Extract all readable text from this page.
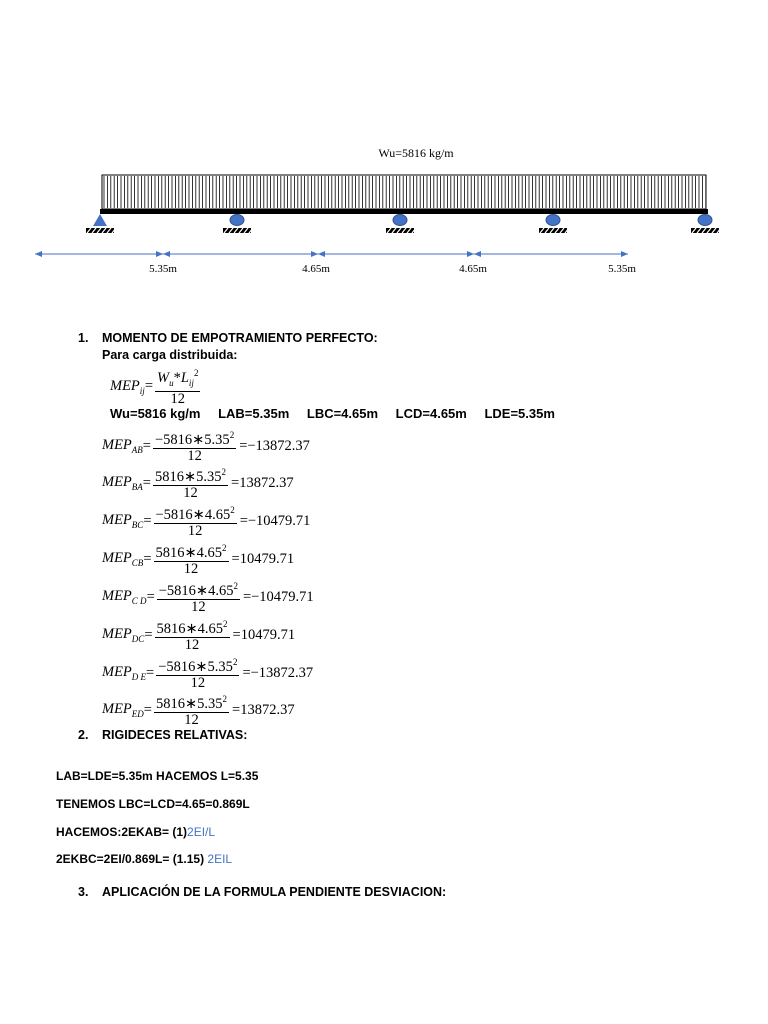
Wu=5816 kg/m
5.35m	4.65m	4.65m	5.35m
1. MOMENTO DE EMPOTRAMIENTO PERFECTO:
Para carga distribuida:
$MEP_{ij} = \frac{W_u*L_{ij}^2}{12}$
Wu=5816 kg/m LAB=5.35m LBC=4.65m LCD=4.65m LDE=5.35m
$MEP_{AB} = \frac{-5816∗5.35^2}{12} =-13872.37$
$MEP_{BA} = \frac{5816∗5.35^2}{12} =13872.37$
$MEP_{BC} = \frac{-5816∗4.65^2}{12} =-10479.71$
$MEP_{CB} = \frac{5816∗4.65^2}{12} =10479.71$
$MEP_{C D} = \frac{-5816∗4.65^2}{12} =-10479.71$
$MEP_{DC} = \frac{5816∗4.65^2}{12} =10479.71$
$MEP_{D E} = \frac{-5816∗5.35^2}{12} =-13872.37$
$MEP_{ED} = \frac{5816∗5.35^2}{12} =13872.37$
2. RIGIDECES RELATIVAS:
LAB=LDE=5.35m HACEMOS L=5.35
TENEMOS LBC=LCD=4.65=0.869L
HACEMOS:2EKAB= (1)2EI/L
2EKBC=2EI/0.869L= (1.15) 2EIL
3. APLICACIÓN DE LA FORMULA PENDIENTE DESVIACION:
